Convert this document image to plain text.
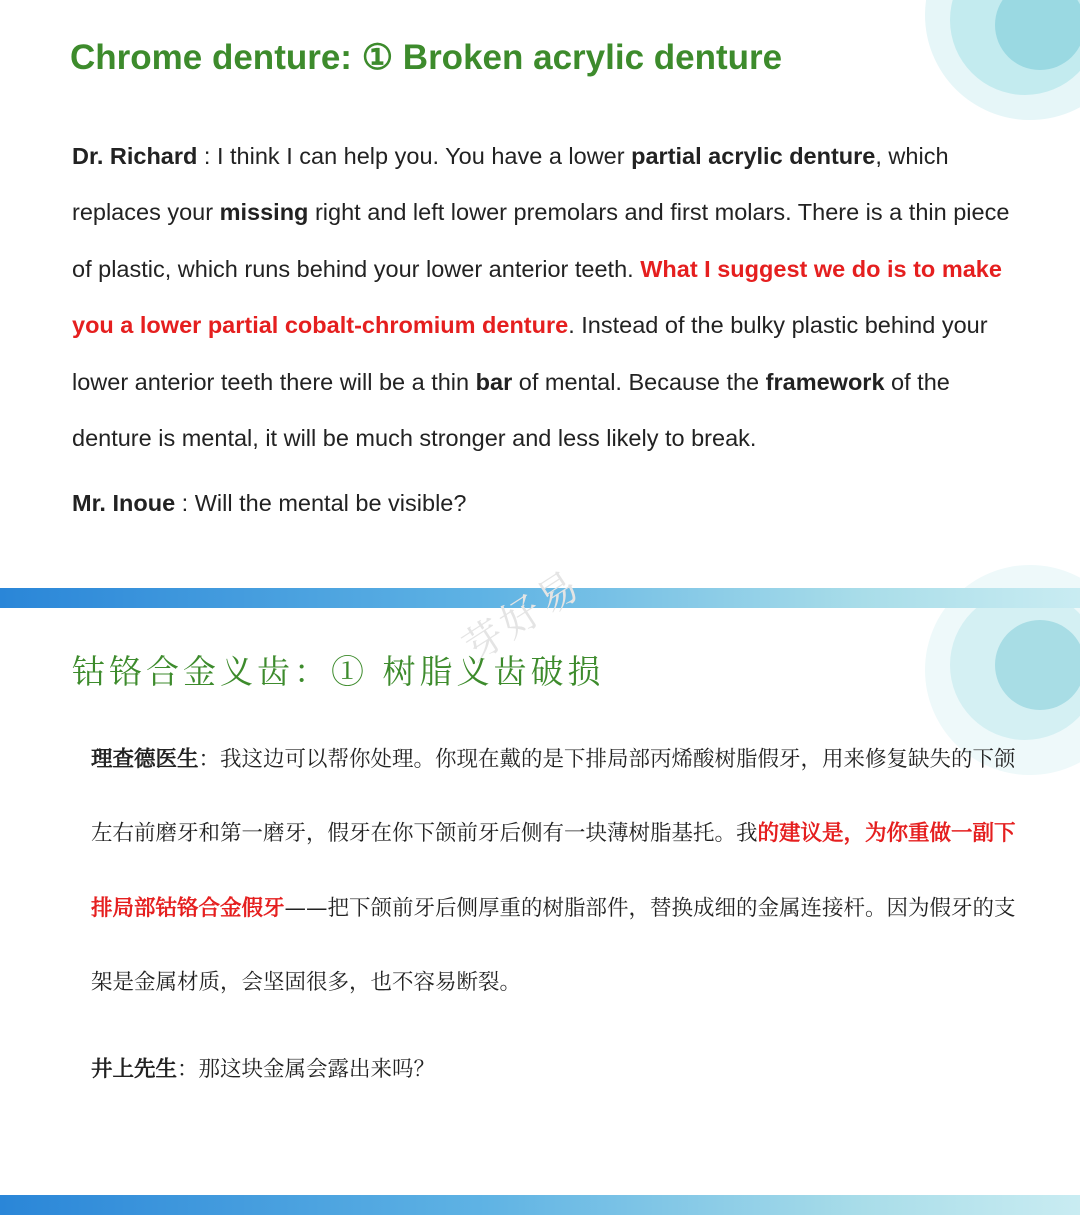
Chrome denture: ① Broken acrylic denture

Dr. Richard : I think I can help you. You have a lower partial acrylic denture, which replaces your missing right and left lower premolars and first molars. There is a thin piece of plastic, which runs behind your lower anterior teeth. What I suggest we do is to make you a lower partial cobalt-chromium denture. Instead of the bulky plastic behind your lower anterior teeth there will be a thin bar of mental. Because the framework of the denture is mental, it will be much stronger and less likely to break.

Mr. Inoue : Will the mental be visible?

芽好易
钴铬合金义齿：① 树脂义齿破损

理查德医生：我这边可以帮你处理。你现在戴的是下排局部丙烯酸树脂假牙，用来修复缺失的下颌左右前磨牙和第一磨牙，假牙在你下颌前牙后侧有一块薄树脂基托。我的建议是，为你重做一副下排局部钴铬合金假牙——把下颌前牙后侧厚重的树脂部件，替换成细的金属连接杆。因为假牙的支架是金属材质，会坚固很多，也不容易断裂。

井上先生：那这块金属会露出来吗？
